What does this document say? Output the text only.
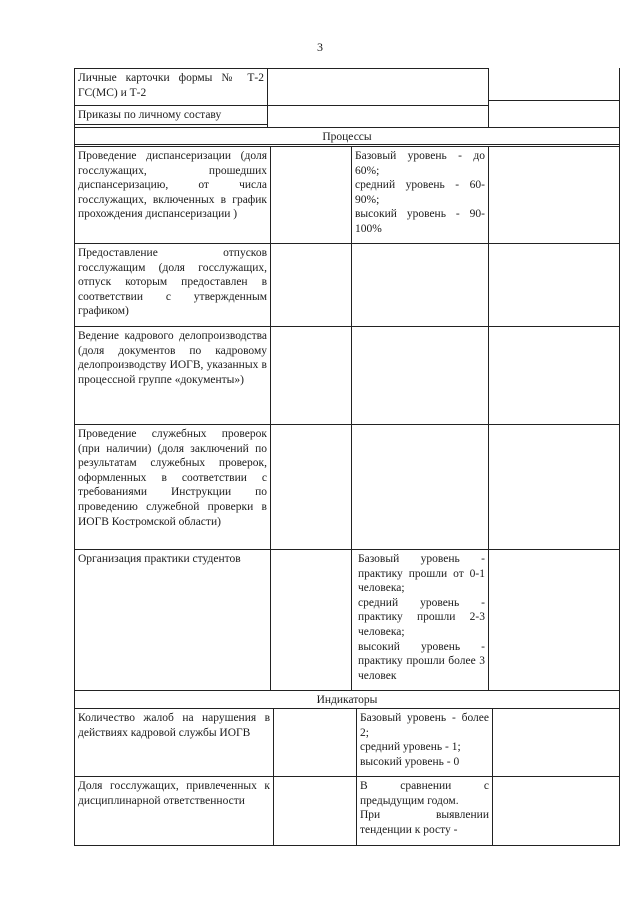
3
Личные карточки формы № Т-2 ГС(МС) и Т-2
Приказы по личному составу
Процессы
Проведение диспансеризации (доля госслужащих, прошедших диспансеризацию, от числа госслужащих, включенных в график прохождения диспансеризации )
Предоставление отпусков госслужащим (доля госслужащих, отпуск которым предоставлен в соответствии с утвержденным графиком)
Ведение кадрового делопроизводства (доля документов по кадровому делопроизводству ИОГВ, указанных в процессной группе «документы»)
Проведение служебных проверок (при наличии) (доля заключений по результатам служебных проверок, оформленных в соответствии с требованиями Инструкции по проведению служебной проверки в ИОГВ Костромской области)
Организация практики студентов
Индикаторы
Количество жалоб на нарушения в действиях кадровой службы ИОГВ
Доля госслужащих, привлеченных к дисциплинарной ответственности
Базовый уровень - до 60%;
средний уровень - 60-90%;
высокий уровень - 90-100%
Базовый уровень - практику прошли от 0-1 человека;
средний уровень - практику прошли 2-3 человека;
высокий уровень - практику прошли более 3 человек
Базовый уровень - более 2;
средний уровень - 1;
высокий уровень - 0
В сравнении с предыдущим годом.
При выявлении тенденции к росту -
